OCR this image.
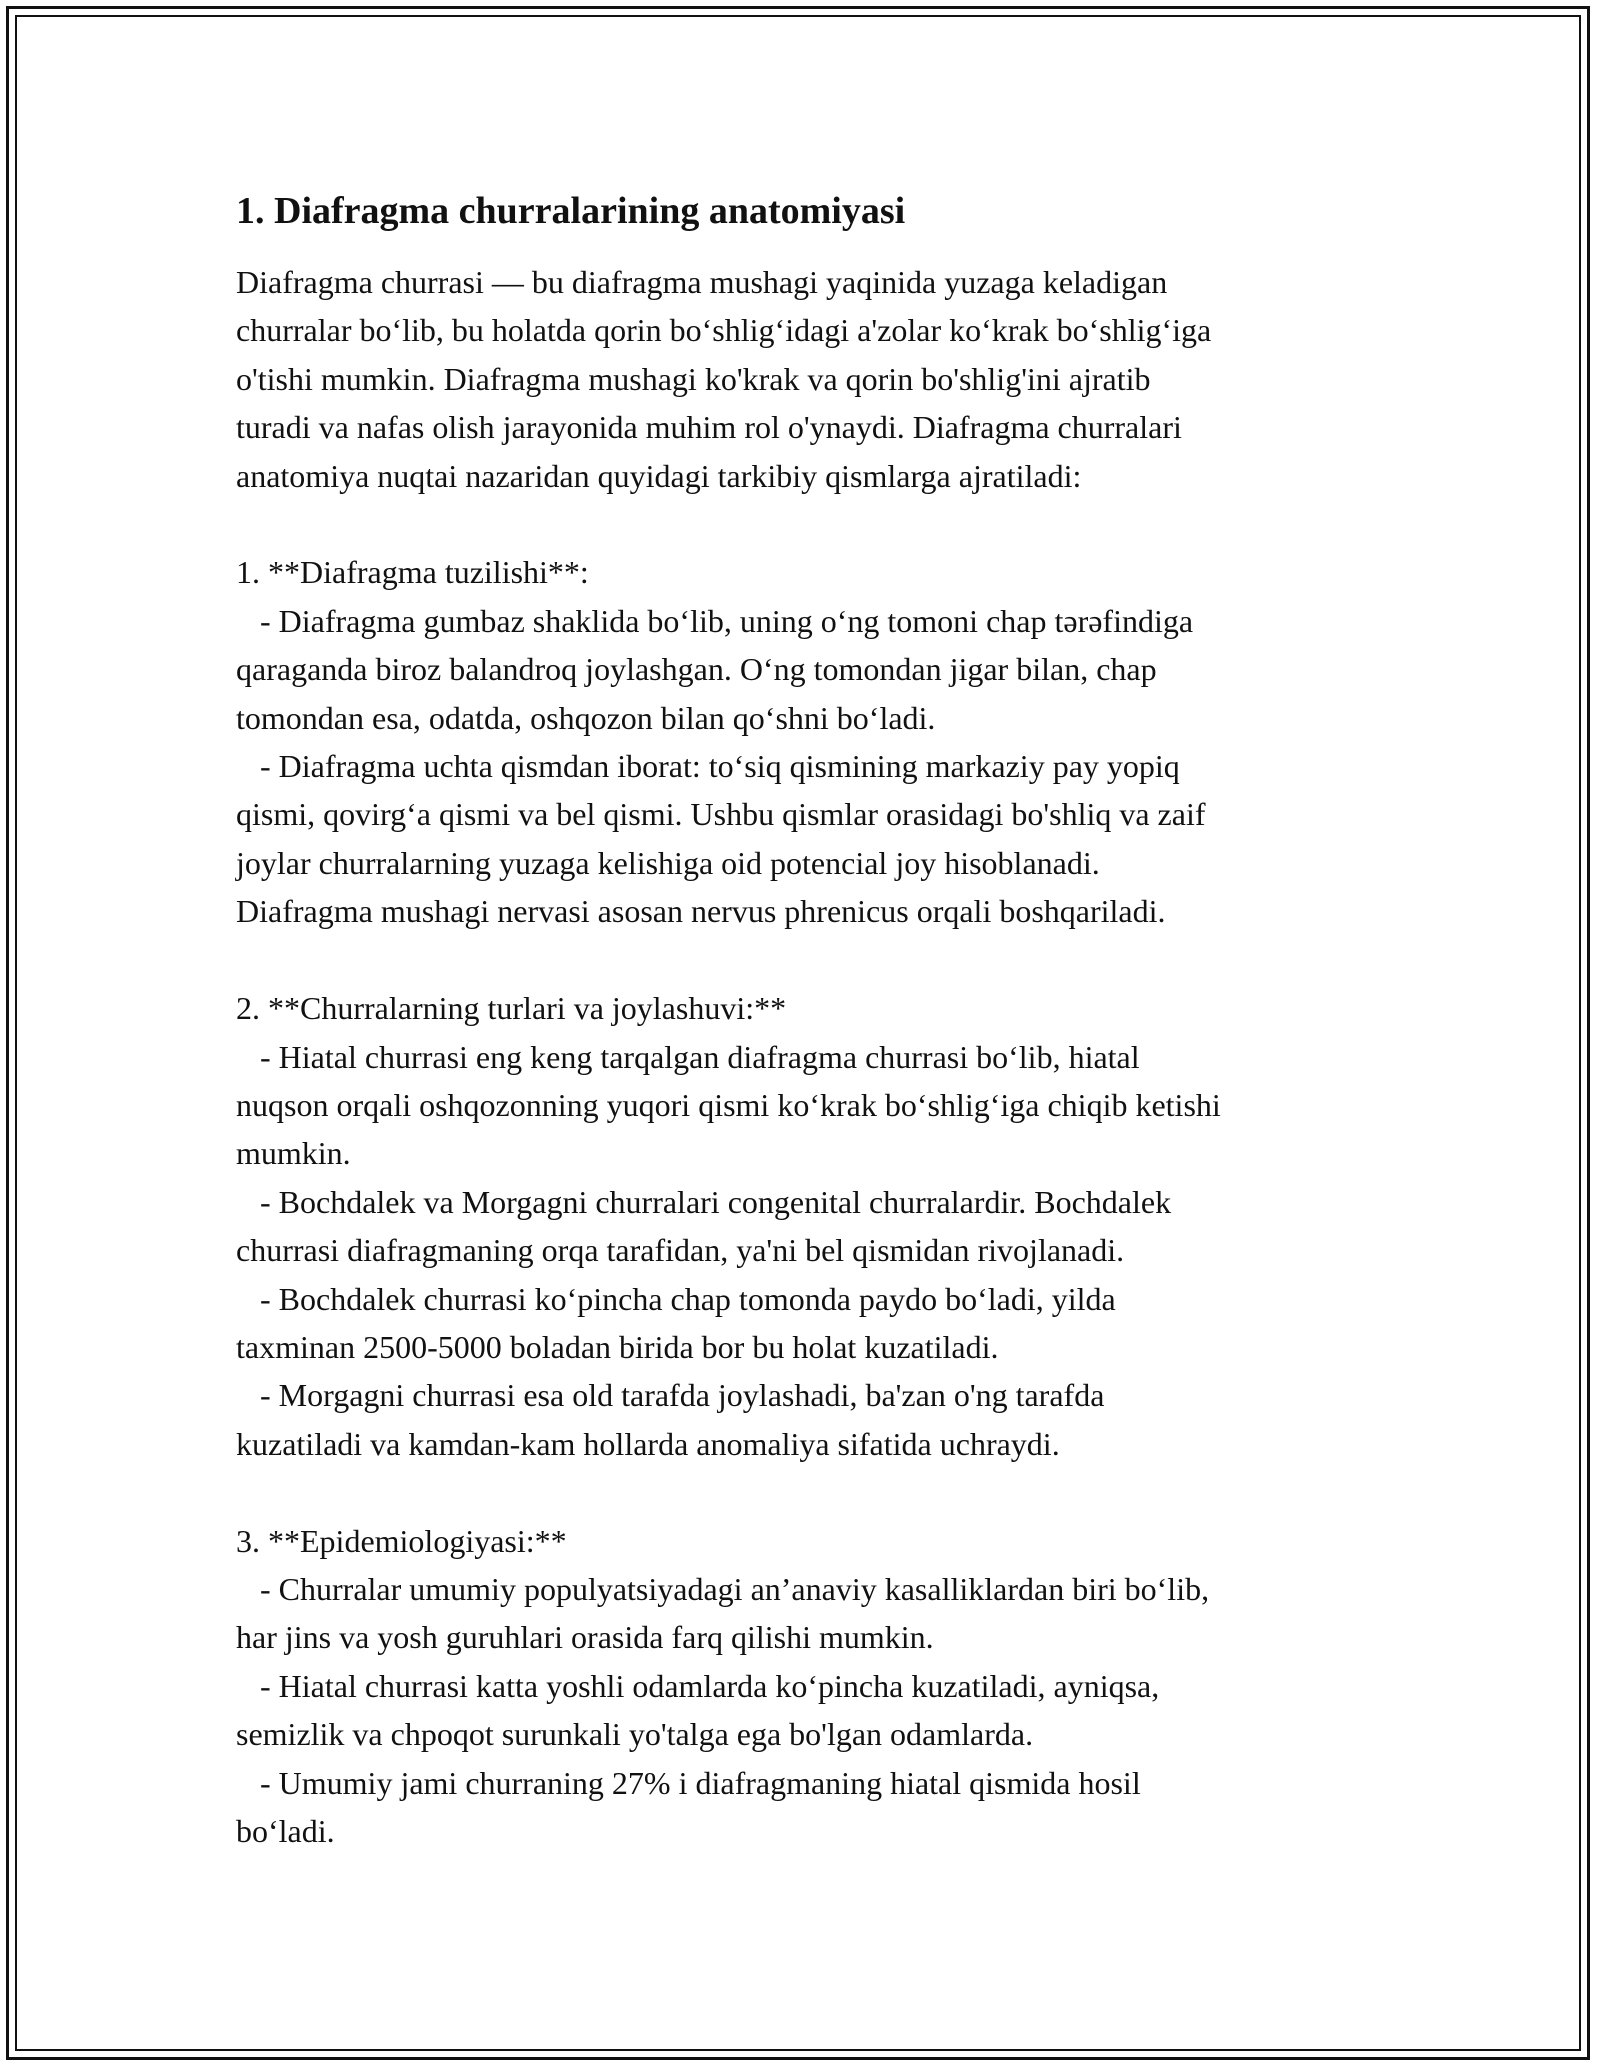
1. Diafragma churralarining anatomiyasi

Diafragma churrasi — bu diafragma mushagi yaqinida yuzaga keladigan
churralar bo‘lib, bu holatda qorin bo‘shlig‘idagi a'zolar ko‘krak bo‘shlig‘iga
o'tishi mumkin. Diafragma mushagi ko'krak va qorin bo'shlig'ini ajratib
turadi va nafas olish jarayonida muhim rol o'ynaydi. Diafragma churralari
anatomiya nuqtai nazaridan quyidagi tarkibiy qismlarga ajratiladi:

1. **Diafragma tuzilishi**:
- Diafragma gumbaz shaklida bo‘lib, uning o‘ng tomoni chap tərəfindiga
qaraganda biroz balandroq joylashgan. O‘ng tomondan jigar bilan, chap
tomondan esa, odatda, oshqozon bilan qo‘shni bo‘ladi.
- Diafragma uchta qismdan iborat: to‘siq qismining markaziy pay yopiq
qismi, qovirg‘a qismi va bel qismi. Ushbu qismlar orasidagi bo'shliq va zaif
joylar churralarning yuzaga kelishiga oid potencial joy hisoblanadi.
Diafragma mushagi nervasi asosan nervus phrenicus orqali boshqariladi.

2. **Churralarning turlari va joylashuvi:**
- Hiatal churrasi eng keng tarqalgan diafragma churrasi bo‘lib, hiatal
nuqson orqali oshqozonning yuqori qismi ko‘krak bo‘shlig‘iga chiqib ketishi
mumkin.
- Bochdalek va Morgagni churralari congenital churralardir. Bochdalek
churrasi diafragmaning orqa tarafidan, ya'ni bel qismidan rivojlanadi.
- Bochdalek churrasi ko‘pincha chap tomonda paydo bo‘ladi, yilda
taxminan 2500-5000 boladan birida bor bu holat kuzatiladi.
- Morgagni churrasi esa old tarafda joylashadi, ba'zan o'ng tarafda
kuzatiladi va kamdan-kam hollarda anomaliya sifatida uchraydi.

3. **Epidemiologiyasi:**
- Churralar umumiy populyatsiyadagi an’anaviy kasalliklardan biri bo‘lib,
har jins va yosh guruhlari orasida farq qilishi mumkin.
- Hiatal churrasi katta yoshli odamlarda ko‘pincha kuzatiladi, ayniqsa,
semizlik va chpoqot surunkali yo'talga ega bo'lgan odamlarda.
- Umumiy jami churraning 27% i diafragmaning hiatal qismida hosil
bo‘ladi.
